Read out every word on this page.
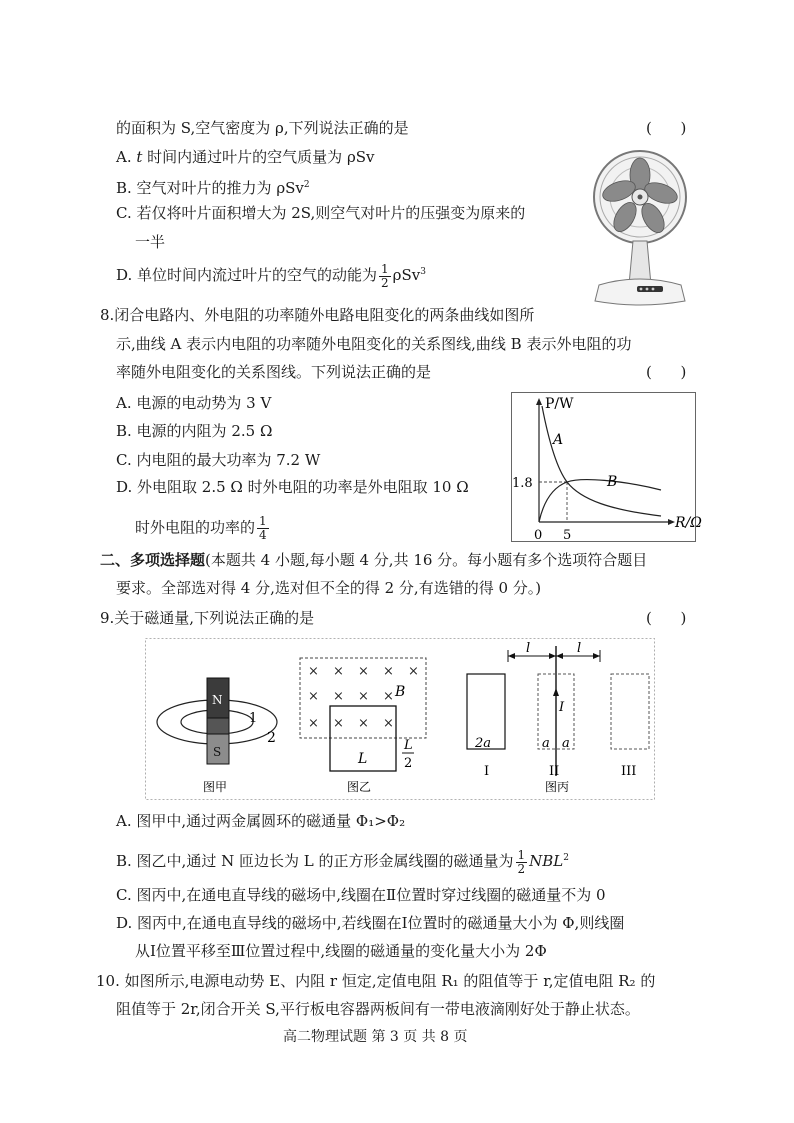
的面积为 S,空气密度为 ρ,下列说法正确的是	(      )
A. t 时间内通过叶片的空气质量为 ρSv
B. 空气对叶片的推力为 ρSv$^2$
C. 若仅将叶片面积增大为 2S,则空气对叶片的压强变为原来的
一半
D. 单位时间内流过叶片的空气的动能为 $\frac{1}{2} \rho Sv^3$
8.闭合电路内、外电阻的功率随外电路电阻变化的两条曲线如图所
示,曲线 A 表示内电阻的功率随外电阻变化的关系图线,曲线 B 表示外电阻的功
率随外电阻变化的关系图线。下列说法正确的是	(      )
A. 电源的电动势为 3 V
B. 电源的内阻为 2.5 Ω
C. 内电阻的最大功率为 7.2 W
D. 外电阻取 2.5 Ω 时外电阻的功率是外电阻取 10 Ω
时外电阻的功率的 $\frac{1}{4}$
P/W
R/Ω
A
B
1.8
0 5
二、多项选择题(本题共 4 小题,每小题 4 分,共 16 分。每小题有多个选项符合题目
要求。全部选对得 4 分,选对但不全的得 2 分,有选错的得 0 分。)
9.关于磁通量,下列说法正确的是	(      )
N
S
1
2
图甲
× × × × ×
× × × ×
× × × ×
B
L
L
2
图乙
l	l
I
2a	a a
I	II	III
图丙
A. 图甲中,通过两金属圆环的磁通量 Φ₁>Φ₂
B. 图乙中,通过 N 匝边长为 L 的正方形金属线圈的磁通量为 $\frac{1}{2} NBL^2$
C. 图丙中,在通电直导线的磁场中,线圈在Ⅱ位置时穿过线圈的磁通量不为 0
D. 图丙中,在通电直导线的磁场中,若线圈在Ⅰ位置时的磁通量大小为 Φ,则线圈
从Ⅰ位置平移至Ⅲ位置过程中,线圈的磁通量的变化量大小为 2Φ
10. 如图所示,电源电动势 E、内阻 r 恒定,定值电阻 R₁ 的阻值等于 r,定值电阻 R₂ 的
阻值等于 2r,闭合开关 S,平行板电容器两板间有一带电液滴刚好处于静止状态。
高二物理试题 第 3 页 共 8 页
